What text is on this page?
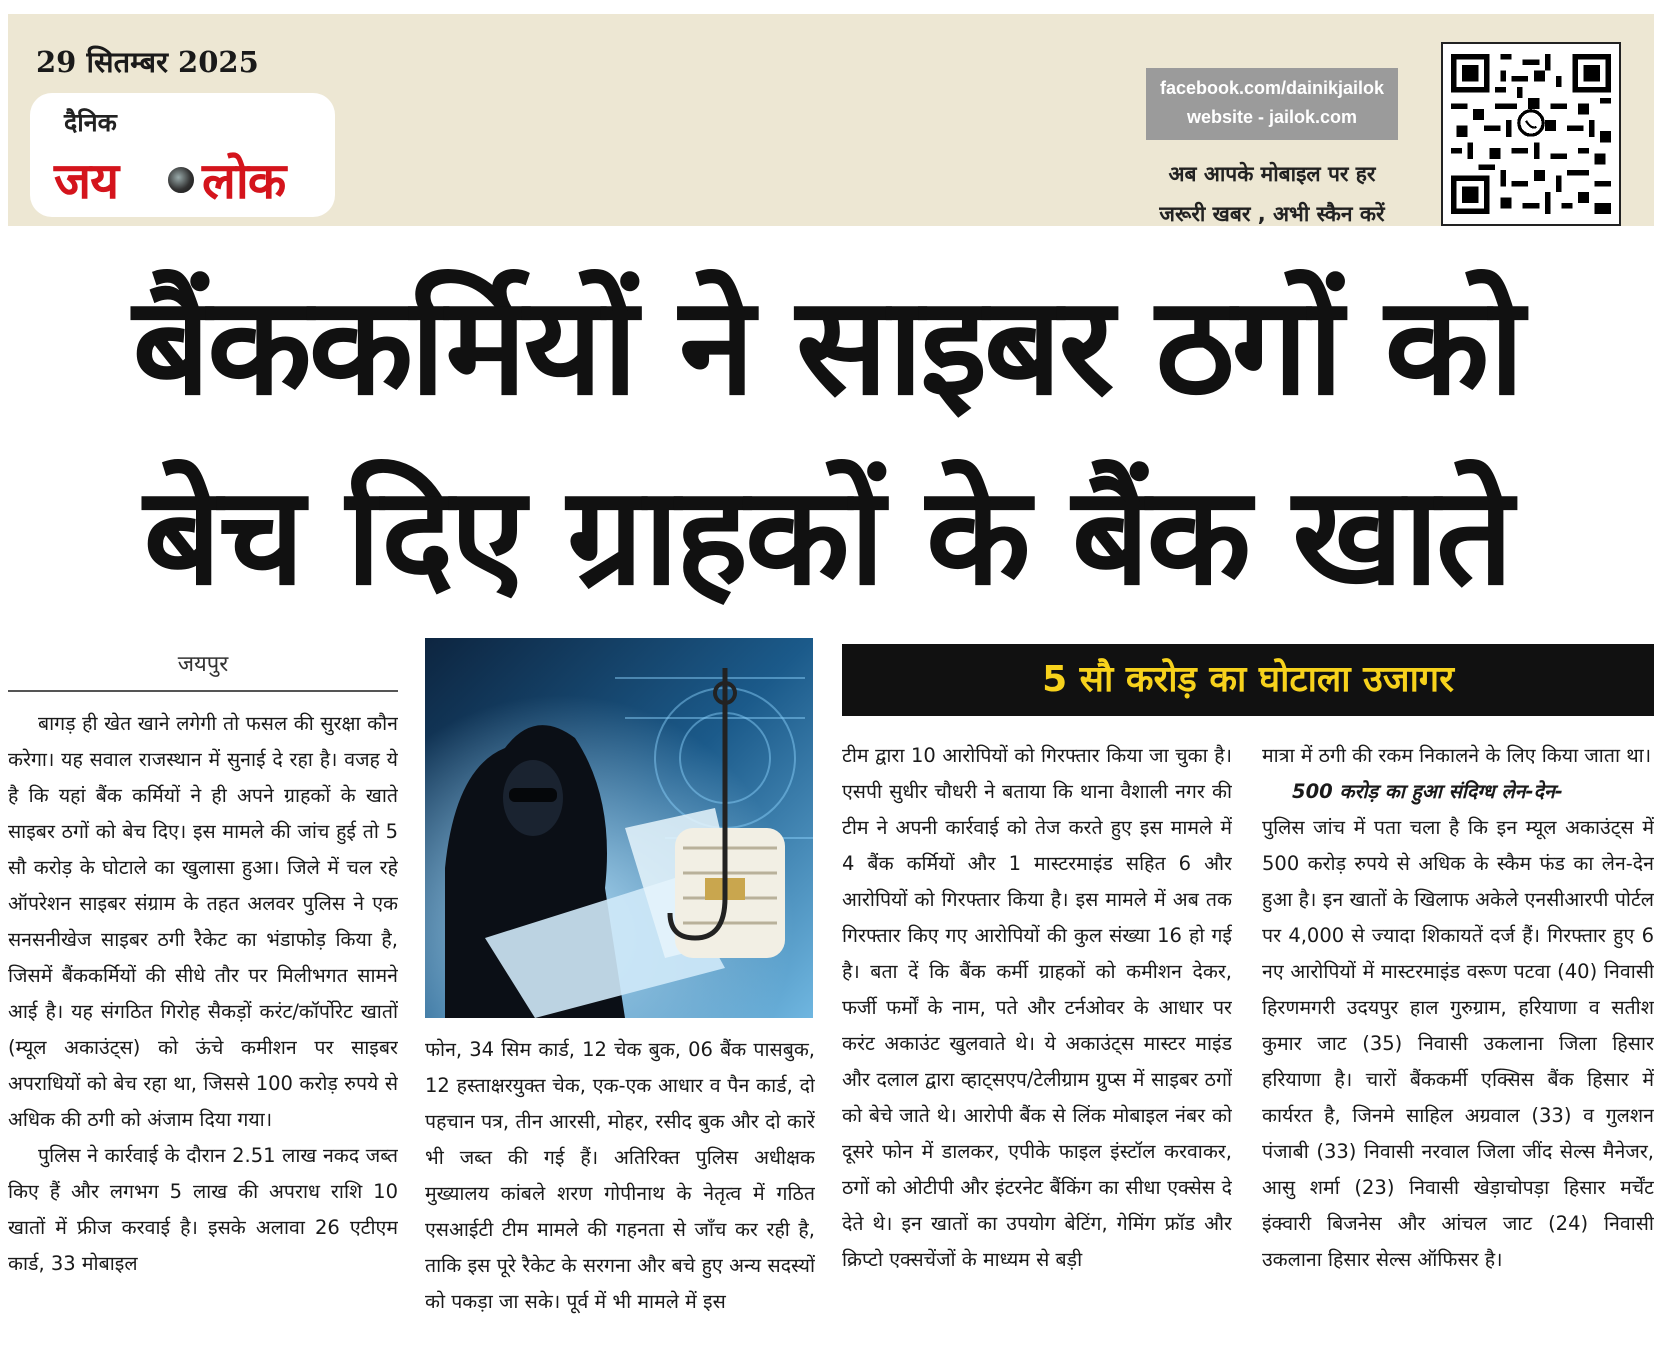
29 सितम्बर 2025
दैनिक
जय लोक
facebook.com/dainikjailok
website - jailok.com
अब आपके मोबाइल पर हर
जरूरी खबर , अभी स्कैन करें
बैंककर्मियों ने साइबर ठगों को
बेच दिए ग्राहकों के बैंक खाते
जयपुर	5 सौ करोड़ का घोटाला उजागर

बागड़ ही खेत खाने लगेगी तो फसल की सुरक्षा कौन करेगा। यह सवाल राजस्थान में सुनाई दे रहा है। वजह ये है कि यहां बैंक कर्मियों ने ही अपने ग्राहकों के खाते साइबर ठगों को बेच दिए। इस मामले की जांच हुई तो 5 सौ करोड़ के घोटाले का खुलासा हुआ। जिले में चल रहे ऑपरेशन साइबर संग्राम के तहत अलवर पुलिस ने एक सनसनीखेज साइबर ठगी रैकेट का भंडाफोड़ किया है, जिसमें बैंककर्मियों की सीधे तौर पर मिलीभगत सामने आई है। यह संगठित गिरोह सैकड़ों करंट/कॉर्पोरेट खातों (म्यूल अकाउंट्स) को ऊंचे कमीशन पर साइबर अपराधियों को बेच रहा था, जिससे 100 करोड़ रुपये से अधिक की ठगी को अंजाम दिया गया।

पुलिस ने कार्रवाई के दौरान 2.51 लाख नकद जब्त किए हैं और लगभग 5 लाख की अपराध राशि 10 खातों में फ्रीज करवाई है। इसके अलावा 26 एटीएम कार्ड, 33 मोबाइल

फोन, 34 सिम कार्ड, 12 चेक बुक, 06 बैंक पासबुक, 12 हस्ताक्षरयुक्त चेक, एक-एक आधार व पैन कार्ड, दो पहचान पत्र, तीन आरसी, मोहर, रसीद बुक और दो कारें भी जब्त की गई हैं। अतिरिक्त पुलिस अधीक्षक मुख्यालय कांबले शरण गोपीनाथ के नेतृत्व में गठित एसआईटी टीम मामले की गहनता से जाँच कर रही है, ताकि इस पूरे रैकेट के सरगना और बचे हुए अन्य सदस्यों को पकड़ा जा सके। पूर्व में भी मामले में इस

टीम द्वारा 10 आरोपियों को गिरफ्तार किया जा चुका है। एसपी सुधीर चौधरी ने बताया कि थाना वैशाली नगर की टीम ने अपनी कार्रवाई को तेज करते हुए इस मामले में 4 बैंक कर्मियों और 1 मास्टरमाइंड सहित 6 और आरोपियों को गिरफ्तार किया है। इस मामले में अब तक गिरफ्तार किए गए आरोपियों की कुल संख्या 16 हो गई है। बता दें कि बैंक कर्मी ग्राहकों को कमीशन देकर, फर्जी फर्मों के नाम, पते और टर्नओवर के आधार पर करंट अकाउंट खुलवाते थे। ये अकाउंट्स मास्टर माइंड और दलाल द्वारा व्हाट्सएप/टेलीग्राम ग्रुप्स में साइबर ठगों को बेचे जाते थे। आरोपी बैंक से लिंक मोबाइल नंबर को दूसरे फोन में डालकर, एपीके फाइल इंस्टॉल करवाकर, ठगों को ओटीपी और इंटरनेट बैंकिंग का सीधा एक्सेस दे देते थे। इन खातों का उपयोग बेटिंग, गेमिंग फ्रॉड और क्रिप्टो एक्सचेंजों के माध्यम से बड़ी

मात्रा में ठगी की रकम निकालने के लिए किया जाता था।

500 करोड़ का हुआ संदिग्ध लेन-देन-

पुलिस जांच में पता चला है कि इन म्यूल अकाउंट्स में 500 करोड़ रुपये से अधिक के स्कैम फंड का लेन-देन हुआ है। इन खातों के खिलाफ अकेले एनसीआरपी पोर्टल पर 4,000 से ज्यादा शिकायतें दर्ज हैं। गिरफ्तार हुए 6 नए आरोपियों में मास्टरमाइंड वरूण पटवा (40) निवासी हिरणमगरी उदयपुर हाल गुरुग्राम, हरियाणा व सतीश कुमार जाट (35) निवासी उकलाना जिला हिसार हरियाणा है। चारों बैंककर्मी एक्सिस बैंक हिसार में कार्यरत है, जिनमे साहिल अग्रवाल (33) व गुलशन पंजाबी (33) निवासी नरवाल जिला जींद सेल्स मैनेजर, आसु शर्मा (23) निवासी खेड़ाचोपड़ा हिसार मर्चेंट इंक्वारी बिजनेस और आंचल जाट (24) निवासी उकलाना हिसार सेल्स ऑफिसर है।
